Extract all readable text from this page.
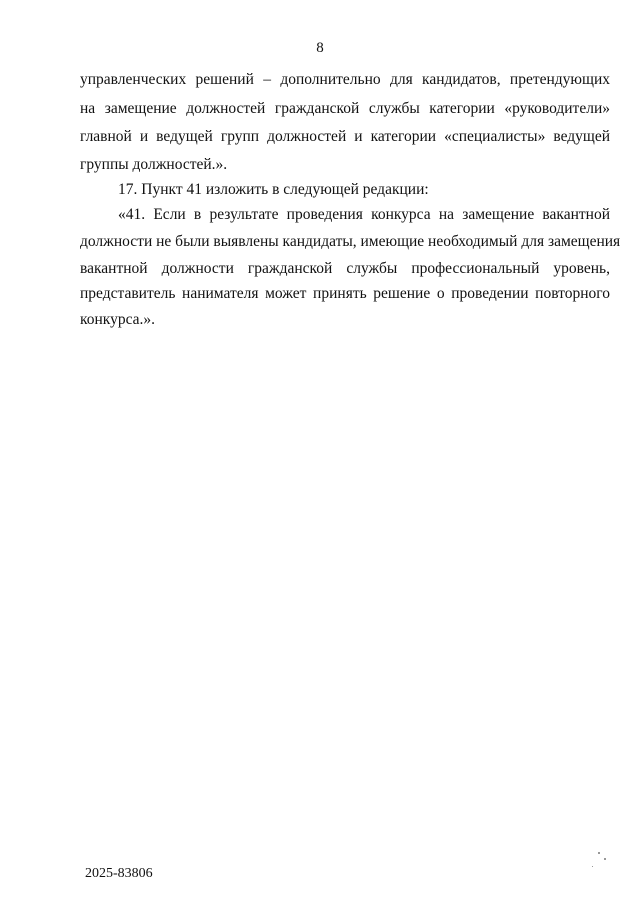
8
управленческих решений – дополнительно для кандидатов, претендующих
на замещение должностей гражданской службы категории «руководители»
главной и ведущей групп должностей и категории «специалисты» ведущей
группы должностей.».
17. Пункт 41 изложить в следующей редакции:
«41. Если в результате проведения конкурса на замещение вакантной
должности не были выявлены кандидаты, имеющие необходимый для замещения
вакантной должности гражданской службы профессиональный уровень,
представитель нанимателя может принять решение о проведении повторного
конкурса.».
2025-83806
